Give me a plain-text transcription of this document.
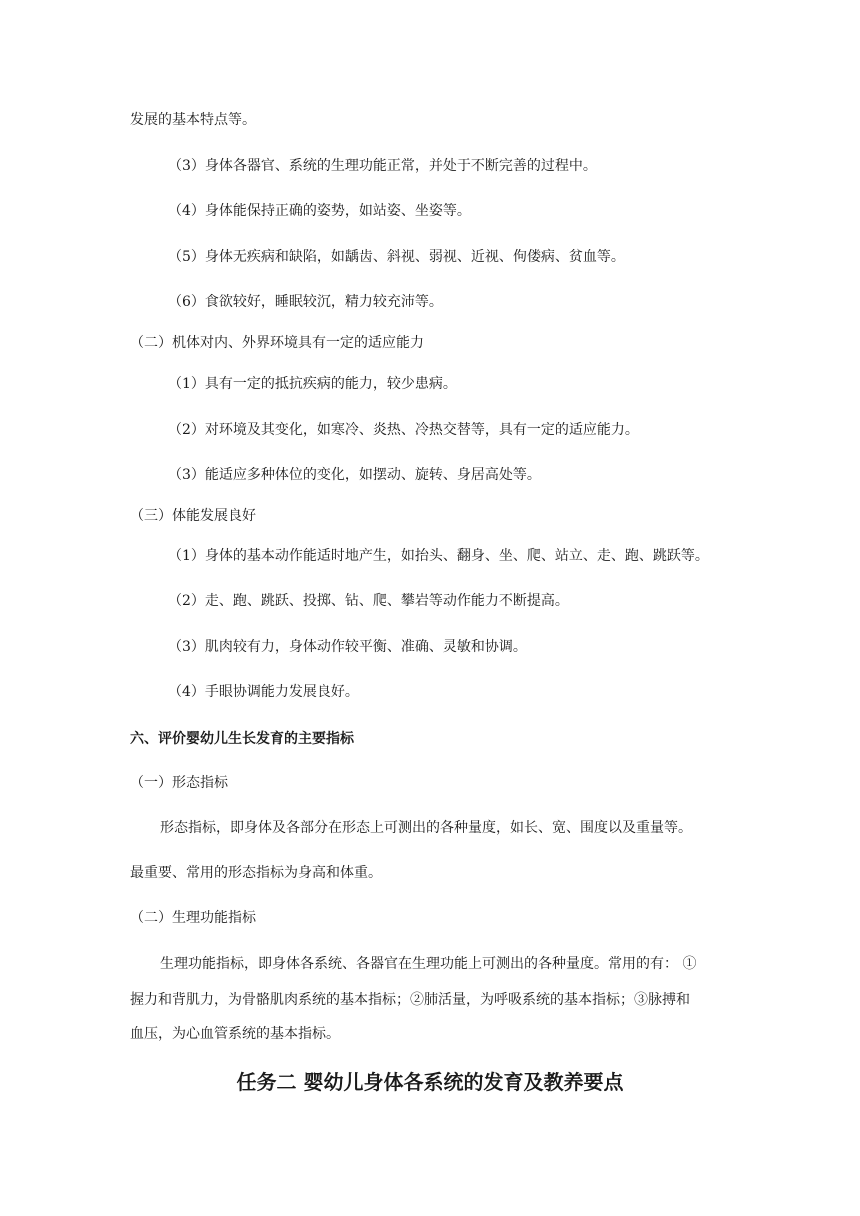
发展的基本特点等。
（3）身体各器官、系统的生理功能正常，并处于不断完善的过程中。
（4）身体能保持正确的姿势，如站姿、坐姿等。
（5）身体无疾病和缺陷，如龋齿、斜视、弱视、近视、佝偻病、贫血等。
（6）食欲较好，睡眠较沉，精力较充沛等。
（二）机体对内、外界环境具有一定的适应能力
（1）具有一定的抵抗疾病的能力，较少患病。
（2）对环境及其变化，如寒冷、炎热、冷热交替等，具有一定的适应能力。
（3）能适应多种体位的变化，如摆动、旋转、身居高处等。
（三）体能发展良好
（1）身体的基本动作能适时地产生，如抬头、翻身、坐、爬、站立、走、跑、跳跃等。
（2）走、跑、跳跃、投掷、钻、爬、攀岩等动作能力不断提高。
（3）肌肉较有力，身体动作较平衡、准确、灵敏和协调。
（4）手眼协调能力发展良好。
六、评价婴幼儿生长发育的主要指标
（一）形态指标
形态指标，即身体及各部分在形态上可测出的各种量度，如长、宽、围度以及重量等。
最重要、常用的形态指标为身高和体重。
（二）生理功能指标
生理功能指标，即身体各系统、各器官在生理功能上可测出的各种量度。常用的有： ①
握力和背肌力，为骨骼肌肉系统的基本指标；②肺活量，为呼吸系统的基本指标；③脉搏和
血压，为心血管系统的基本指标。
任务二 婴幼儿身体各系统的发育及教养要点
